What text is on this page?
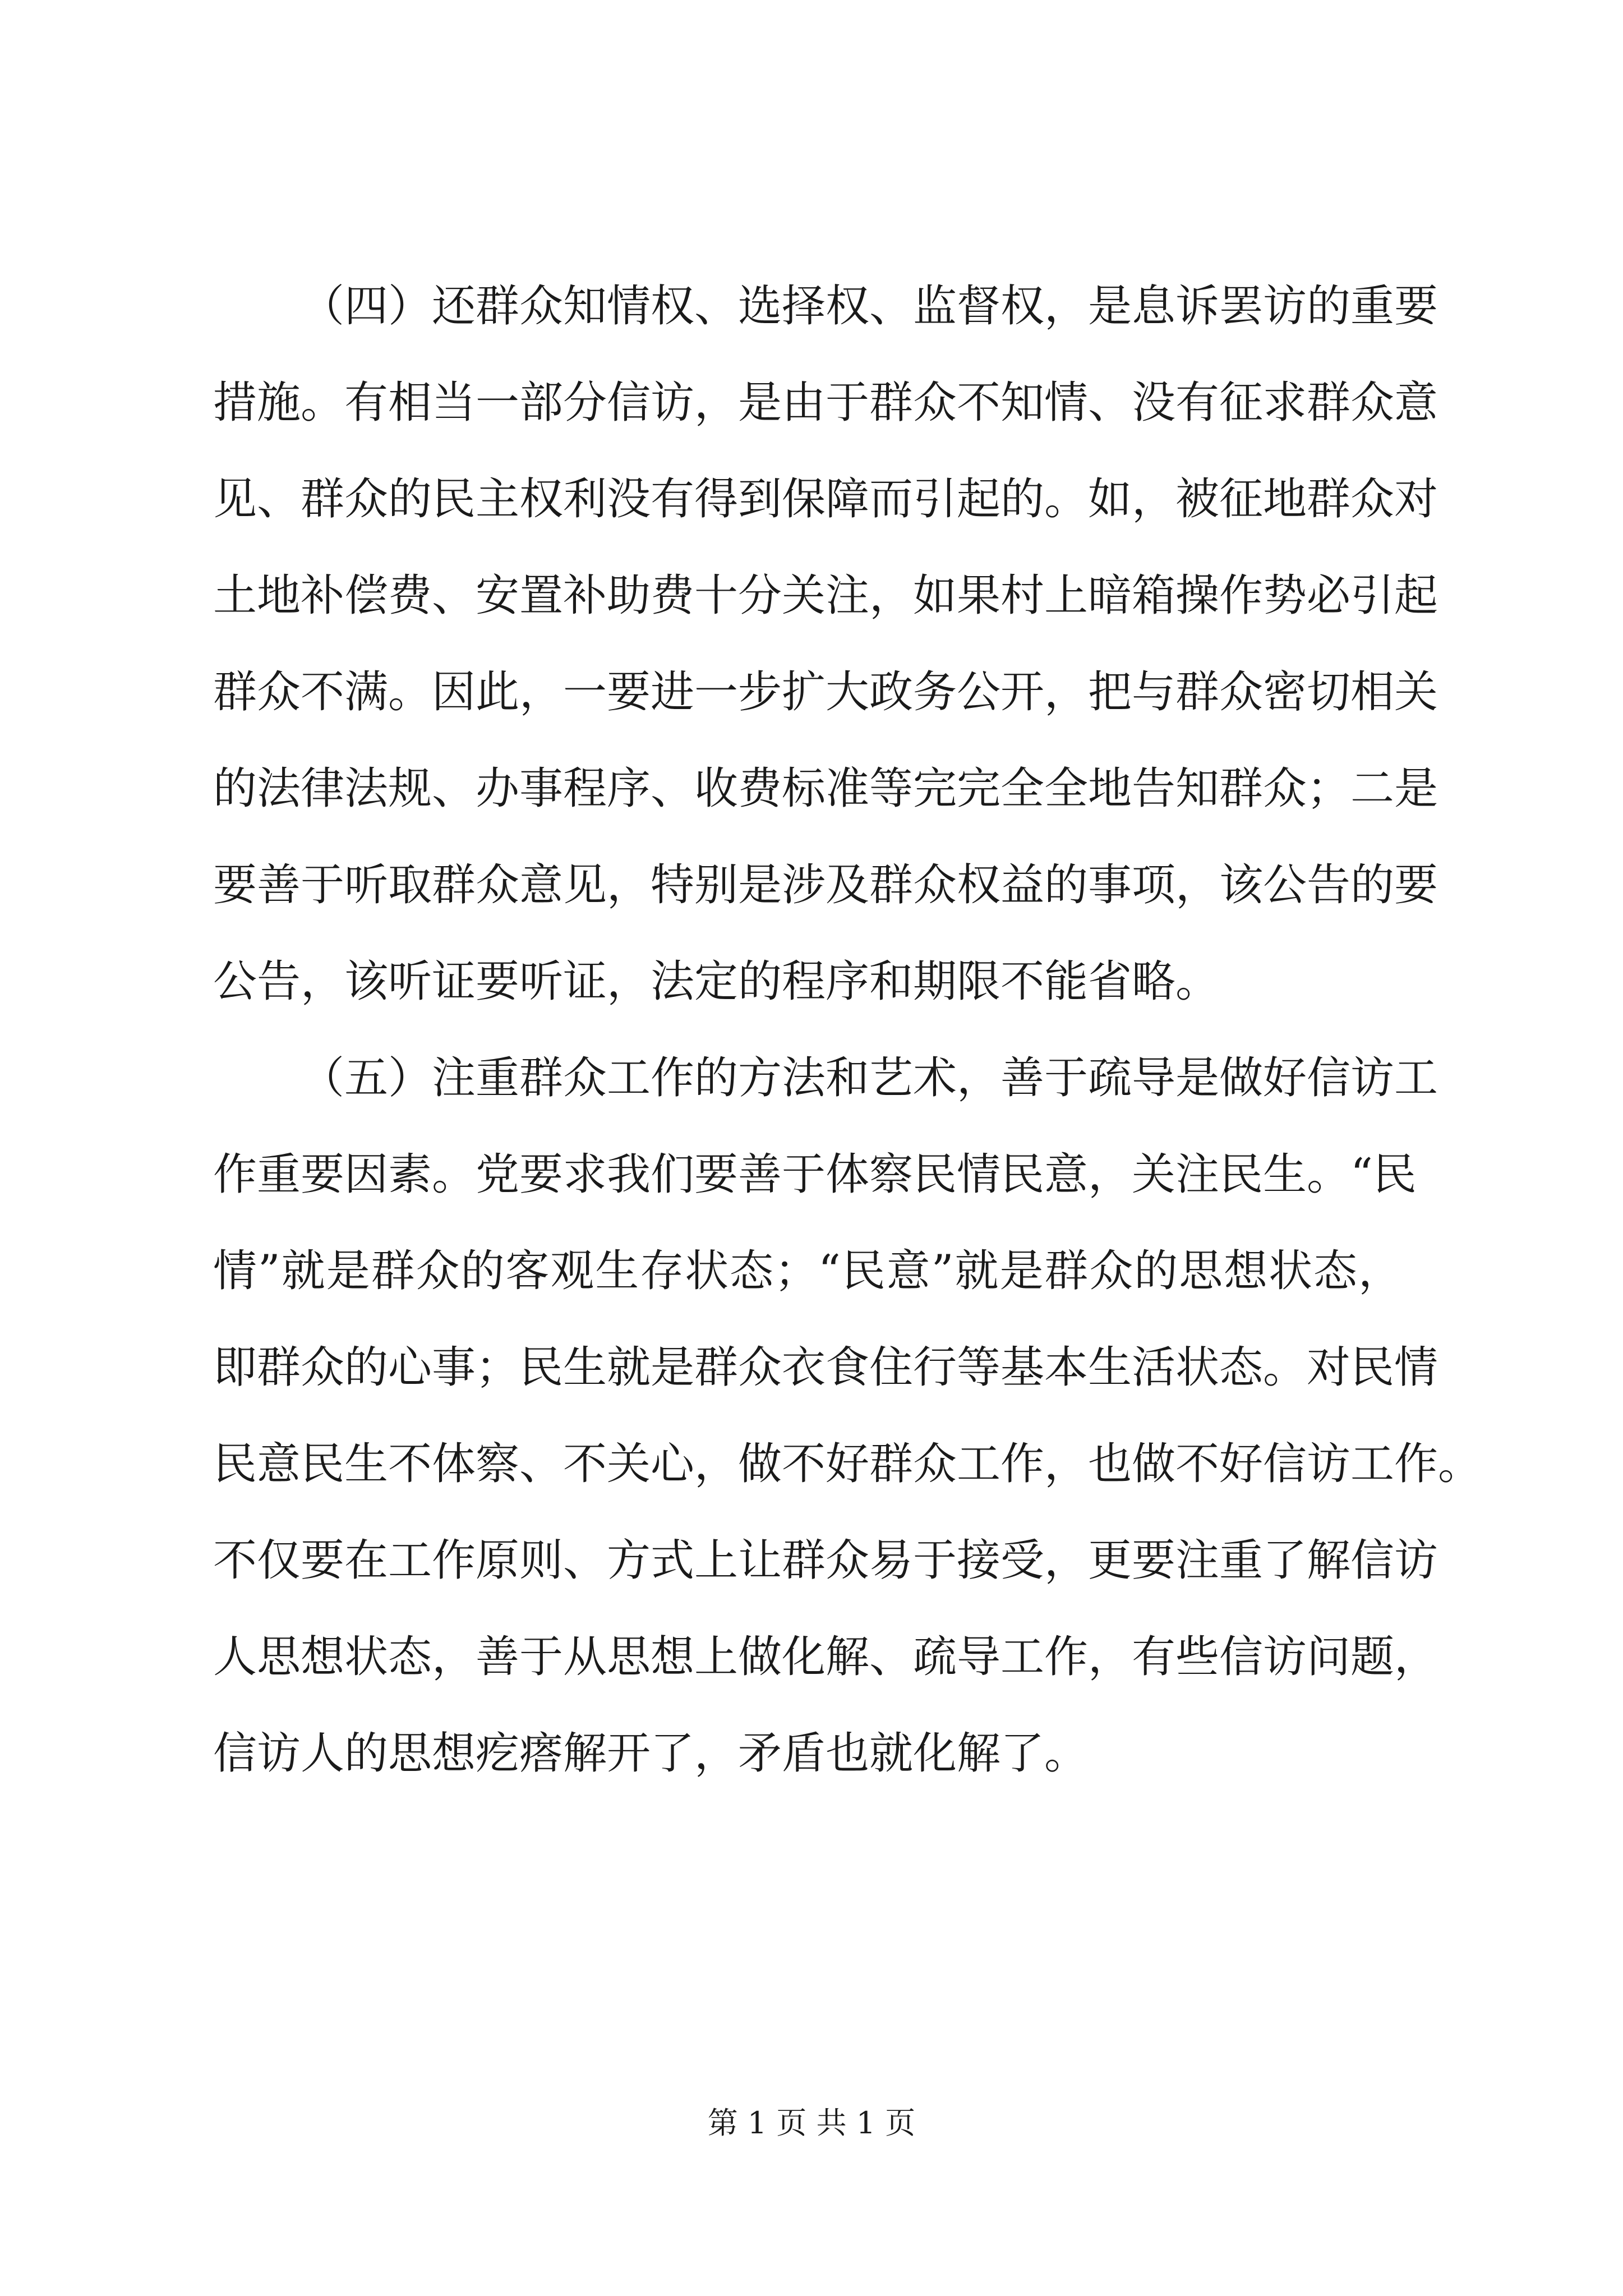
（四）还群众知情权、选择权、监督权，是息诉罢访的重要
措施。有相当一部分信访，是由于群众不知情、没有征求群众意
见、群众的民主权利没有得到保障而引起的。如，被征地群众对
土地补偿费、安置补助费十分关注，如果村上暗箱操作势必引起
群众不满。因此，一要进一步扩大政务公开，把与群众密切相关
的法律法规、办事程序、收费标准等完完全全地告知群众；二是
要善于听取群众意见，特别是涉及群众权益的事项，该公告的要
公告，该听证要听证，法定的程序和期限不能省略。
（五）注重群众工作的方法和艺术，善于疏导是做好信访工
作重要因素。党要求我们要善于体察民情民意，关注民生。“民
情”就是群众的客观生存状态；“民意”就是群众的思想状态，
即群众的心事；民生就是群众衣食住行等基本生活状态。对民情
民意民生不体察、不关心，做不好群众工作，也做不好信访工作。
不仅要在工作原则、方式上让群众易于接受，更要注重了解信访
人思想状态，善于从思想上做化解、疏导工作，有些信访问题，
信访人的思想疙瘩解开了，矛盾也就化解了。
第 1 页 共 1 页
